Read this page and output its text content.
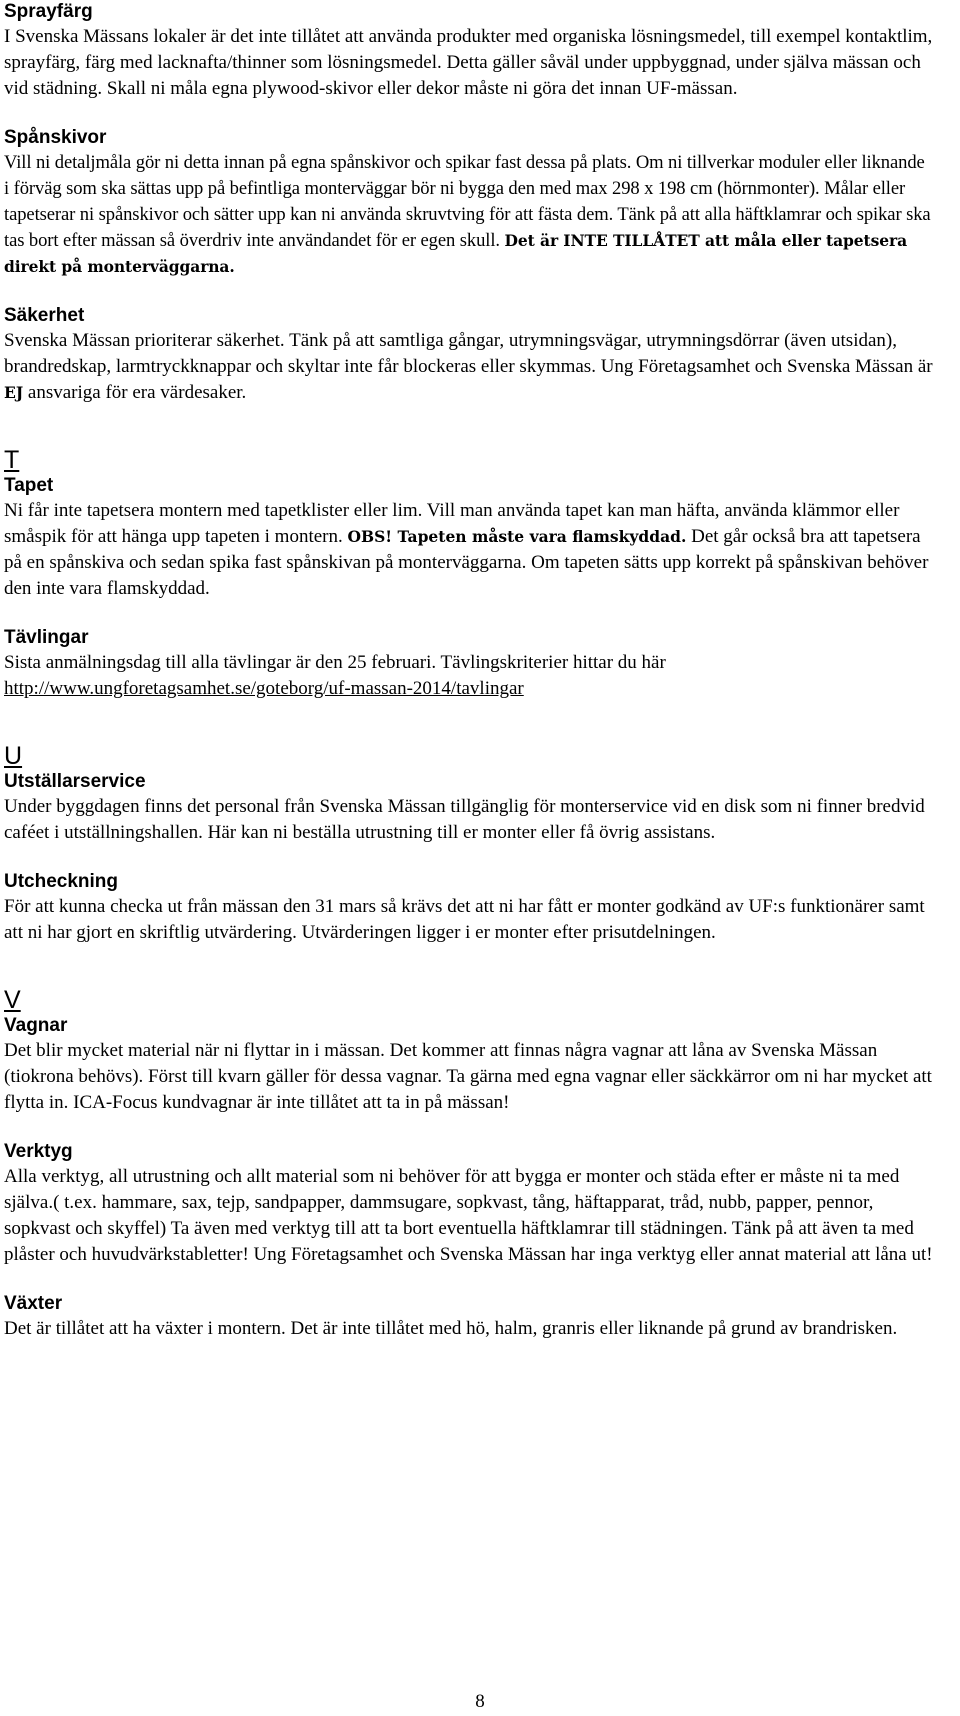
Sprayfärg

I Svenska Mässans lokaler är det inte tillåtet att använda produkter med organiska lösningsmedel, till exempel kontaktlim, sprayfärg, färg med lacknafta/thinner som lösningsmedel. Detta gäller såväl under uppbyggnad, under själva mässan och vid städning. Skall ni måla egna plywood-skivor eller dekor måste ni göra det innan UF-mässan.

Spånskivor

Vill ni detaljmåla gör ni detta innan på egna spånskivor och spikar fast dessa på plats. Om ni tillverkar moduler eller liknande i förväg som ska sättas upp på befintliga monterväggar bör ni bygga den med max 298 x 198 cm (hörnmonter). Målar eller tapetserar ni spånskivor och sätter upp kan ni använda skruvtving för att fästa dem. Tänk på att alla häftklamrar och spikar ska tas bort efter mässan så överdriv inte användandet för er egen skull. Det är INTE TILLÅTET att måla eller tapetsera direkt på monterväggarna.

Säkerhet

Svenska Mässan prioriterar säkerhet. Tänk på att samtliga gångar, utrymningsvägar, utrymningsdörrar (även utsidan), brandredskap, larmtryckknappar och skyltar inte får blockeras eller skymmas. Ung Företagsamhet och Svenska Mässan är EJ ansvariga för era värdesaker.

T
Tapet

Ni får inte tapetsera montern med tapetklister eller lim. Vill man använda tapet kan man häfta, använda klämmor eller småspik för att hänga upp tapeten i montern. OBS! Tapeten måste vara flamskyddad. Det går också bra att tapetsera på en spånskiva och sedan spika fast spånskivan på monterväggarna. Om tapeten sätts upp korrekt på spånskivan behöver den inte vara flamskyddad.

Tävlingar

Sista anmälningsdag till alla tävlingar är den 25 februari. Tävlingskriterier hittar du här
http://www.ungforetagsamhet.se/goteborg/uf-massan-2014/tavlingar

U
Utställarservice

Under byggdagen finns det personal från Svenska Mässan tillgänglig för monterservice vid en disk som ni finner bredvid caféet i utställningshallen. Här kan ni beställa utrustning till er monter eller få övrig assistans.

Utcheckning

För att kunna checka ut från mässan den 31 mars så krävs det att ni har fått er monter godkänd av UF:s funktionärer samt att ni har gjort en skriftlig utvärdering. Utvärderingen ligger i er monter efter prisutdelningen.

V
Vagnar

Det blir mycket material när ni flyttar in i mässan. Det kommer att finnas några vagnar att låna av Svenska Mässan (tiokrona behövs). Först till kvarn gäller för dessa vagnar. Ta gärna med egna vagnar eller säckkärror om ni har mycket att flytta in. ICA-Focus kundvagnar är inte tillåtet att ta in på mässan!

Verktyg

Alla verktyg, all utrustning och allt material som ni behöver för att bygga er monter och städa efter er måste ni ta med själva.( t.ex. hammare, sax, tejp, sandpapper, dammsugare, sopkvast, tång, häftapparat, tråd, nubb, papper, pennor, sopkvast och skyffel) Ta även med verktyg till att ta bort eventuella häftklamrar till städningen. Tänk på att även ta med plåster och huvudvärkstabletter! Ung Företagsamhet och Svenska Mässan har inga verktyg eller annat material att låna ut!

Växter

Det är tillåtet att ha växter i montern. Det är inte tillåtet med hö, halm, granris eller liknande på grund av brandrisken.

8
